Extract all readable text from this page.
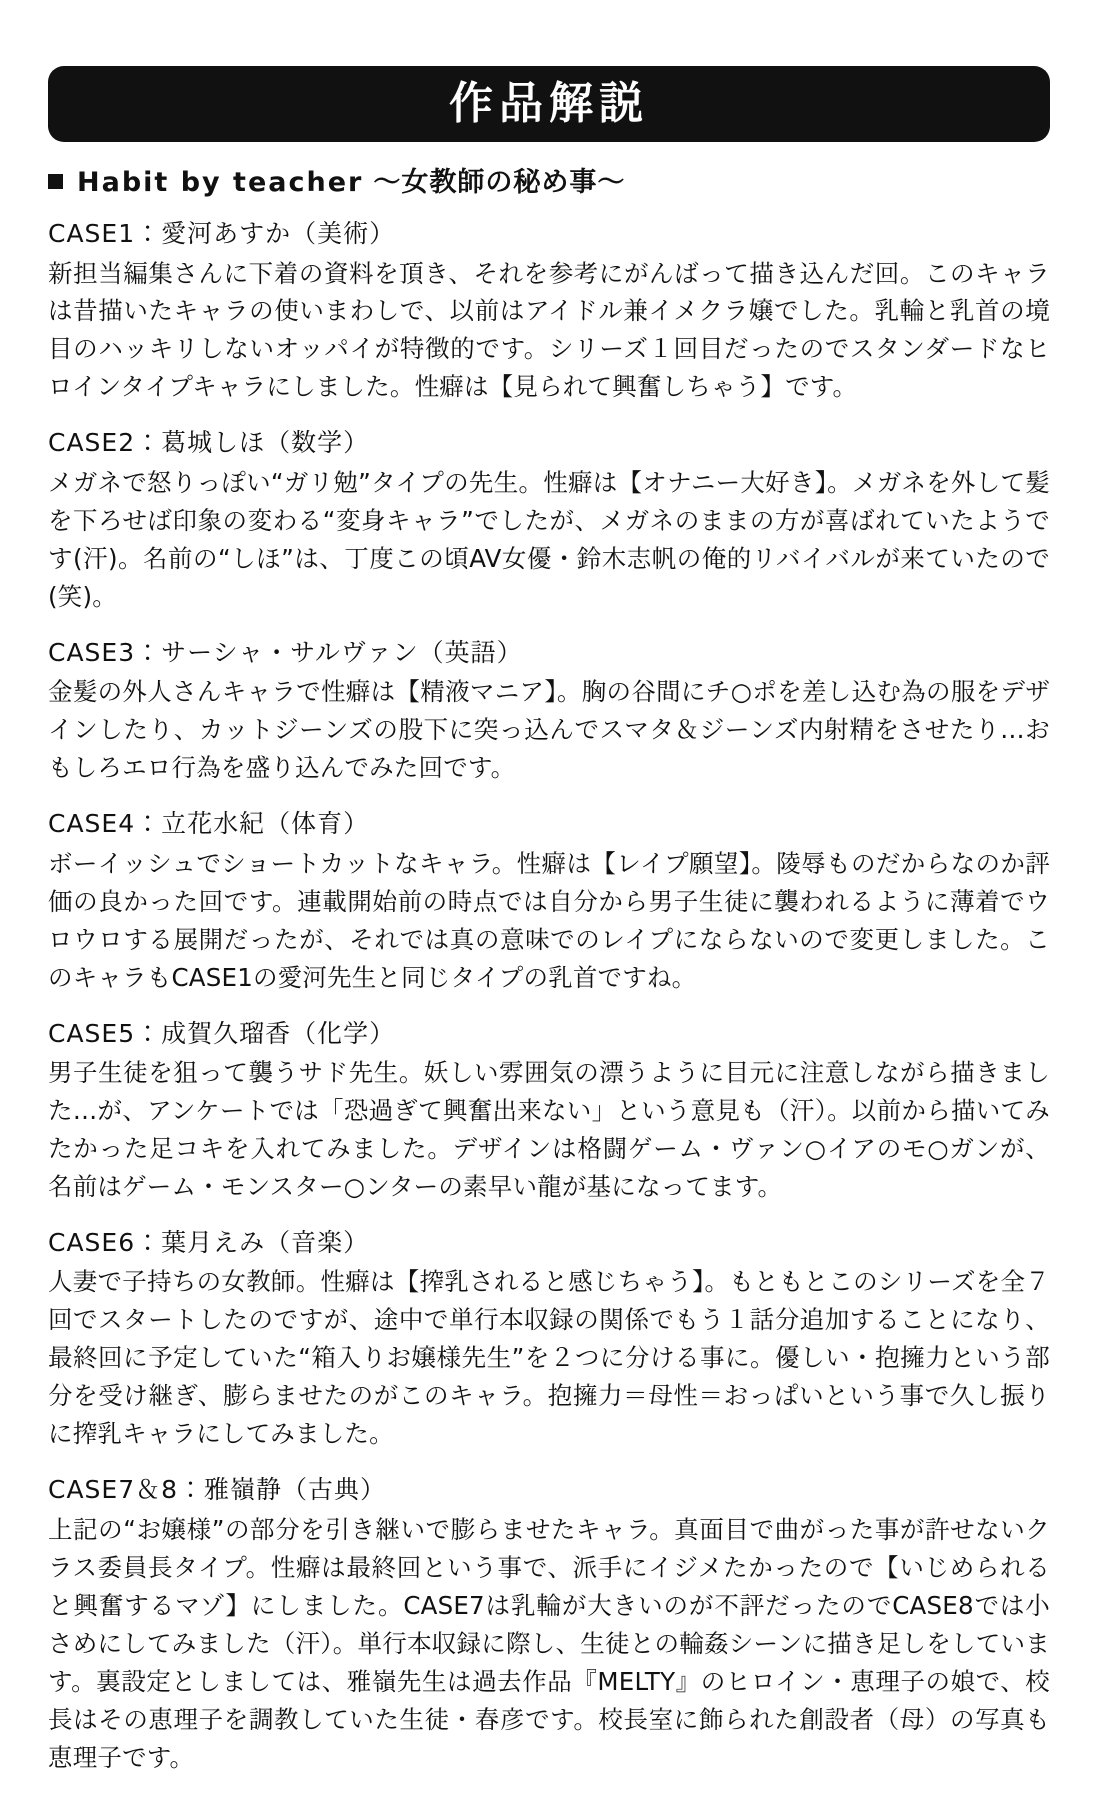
作品解説
Habit by teacher 〜女教師の秘め事〜
CASE1：愛河あすか（美術）
新担当編集さんに下着の資料を頂き、それを参考にがんばって描き込んだ回。このキャラは昔描いたキャラの使いまわしで、以前はアイドル兼イメクラ嬢でした。乳輪と乳首の境目のハッキリしないオッパイが特徴的です。シリーズ１回目だったのでスタンダードなヒロインタイプキャラにしました。性癖は【見られて興奮しちゃう】です。
CASE2：葛城しほ（数学）
メガネで怒りっぽい“ガリ勉”タイプの先生。性癖は【オナニー大好き】。メガネを外して髪を下ろせば印象の変わる“変身キャラ”でしたが、メガネのままの方が喜ばれていたようです(汗)。名前の“しほ”は、丁度この頃AV女優・鈴木志帆の俺的リバイバルが来ていたので(笑)。
CASE3：サーシャ・サルヴァン（英語）
金髪の外人さんキャラで性癖は【精液マニア】。胸の谷間にチ○ポを差し込む為の服をデザインしたり、カットジーンズの股下に突っ込んでスマタ＆ジーンズ内射精をさせたり…おもしろエロ行為を盛り込んでみた回です。
CASE4：立花水紀（体育）
ボーイッシュでショートカットなキャラ。性癖は【レイプ願望】。陵辱ものだからなのか評価の良かった回です。連載開始前の時点では自分から男子生徒に襲われるように薄着でウロウロする展開だったが、それでは真の意味でのレイプにならないので変更しました。このキャラもCASE1の愛河先生と同じタイプの乳首ですね。
CASE5：成賀久瑠香（化学）
男子生徒を狙って襲うサド先生。妖しい雰囲気の漂うように目元に注意しながら描きました…が、アンケートでは「恐過ぎて興奮出来ない」という意見も（汗）。以前から描いてみたかった足コキを入れてみました。デザインは格闘ゲーム・ヴァン○イアのモ○ガンが、名前はゲーム・モンスター○ンターの素早い龍が基になってます。
CASE6：葉月えみ（音楽）
人妻で子持ちの女教師。性癖は【搾乳されると感じちゃう】。もともとこのシリーズを全７回でスタートしたのですが、途中で単行本収録の関係でもう１話分追加することになり、最終回に予定していた“箱入りお嬢様先生”を２つに分ける事に。優しい・抱擁力という部分を受け継ぎ、膨らませたのがこのキャラ。抱擁力＝母性＝おっぱいという事で久し振りに搾乳キャラにしてみました。
CASE7＆8：雅嶺静（古典）
上記の“お嬢様”の部分を引き継いで膨らませたキャラ。真面目で曲がった事が許せないクラス委員長タイプ。性癖は最終回という事で、派手にイジメたかったので【いじめられると興奮するマゾ】にしました。CASE7は乳輪が大きいのが不評だったのでCASE8では小さめにしてみました（汗）。単行本収録に際し、生徒との輪姦シーンに描き足しをしています。裏設定としましては、雅嶺先生は過去作品『MELTY』のヒロイン・恵理子の娘で、校長はその恵理子を調教していた生徒・春彦です。校長室に飾られた創設者（母）の写真も恵理子です。
